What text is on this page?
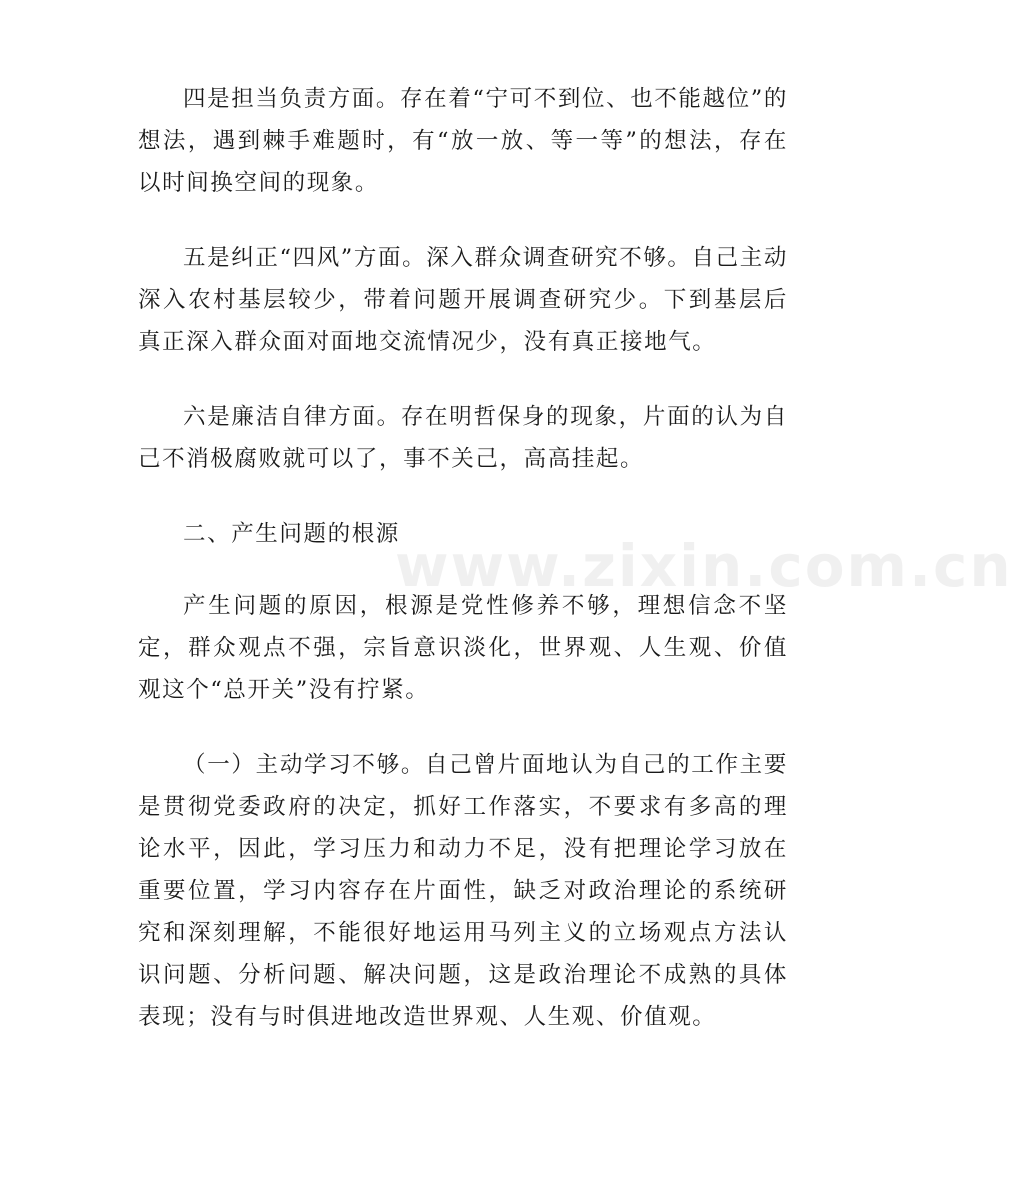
四是担当负责方面。存在着“宁可不到位、也不能越位”的想法，遇到棘手难题时，有“放一放、等一等”的想法，存在以时间换空间的现象。

五是纠正“四风”方面。深入群众调查研究不够。自己主动深入农村基层较少，带着问题开展调查研究少。下到基层后真正深入群众面对面地交流情况少，没有真正接地气。

六是廉洁自律方面。存在明哲保身的现象，片面的认为自己不消极腐败就可以了，事不关己，高高挂起。

二、产生问题的根源

产生问题的原因，根源是党性修养不够，理想信念不坚定，群众观点不强，宗旨意识淡化，世界观、人生观、价值观这个“总开关”没有拧紧。

（一）主动学习不够。自己曾片面地认为自己的工作主要是贯彻党委政府的决定，抓好工作落实，不要求有多高的理论水平，因此，学习压力和动力不足，没有把理论学习放在重要位置，学习内容存在片面性，缺乏对政治理论的系统研究和深刻理解，不能很好地运用马列主义的立场观点方法认识问题、分析问题、解决问题，这是政治理论不成熟的具体表现；没有与时俱进地改造世界观、人生观、价值观。

www.zixin.com.cn
